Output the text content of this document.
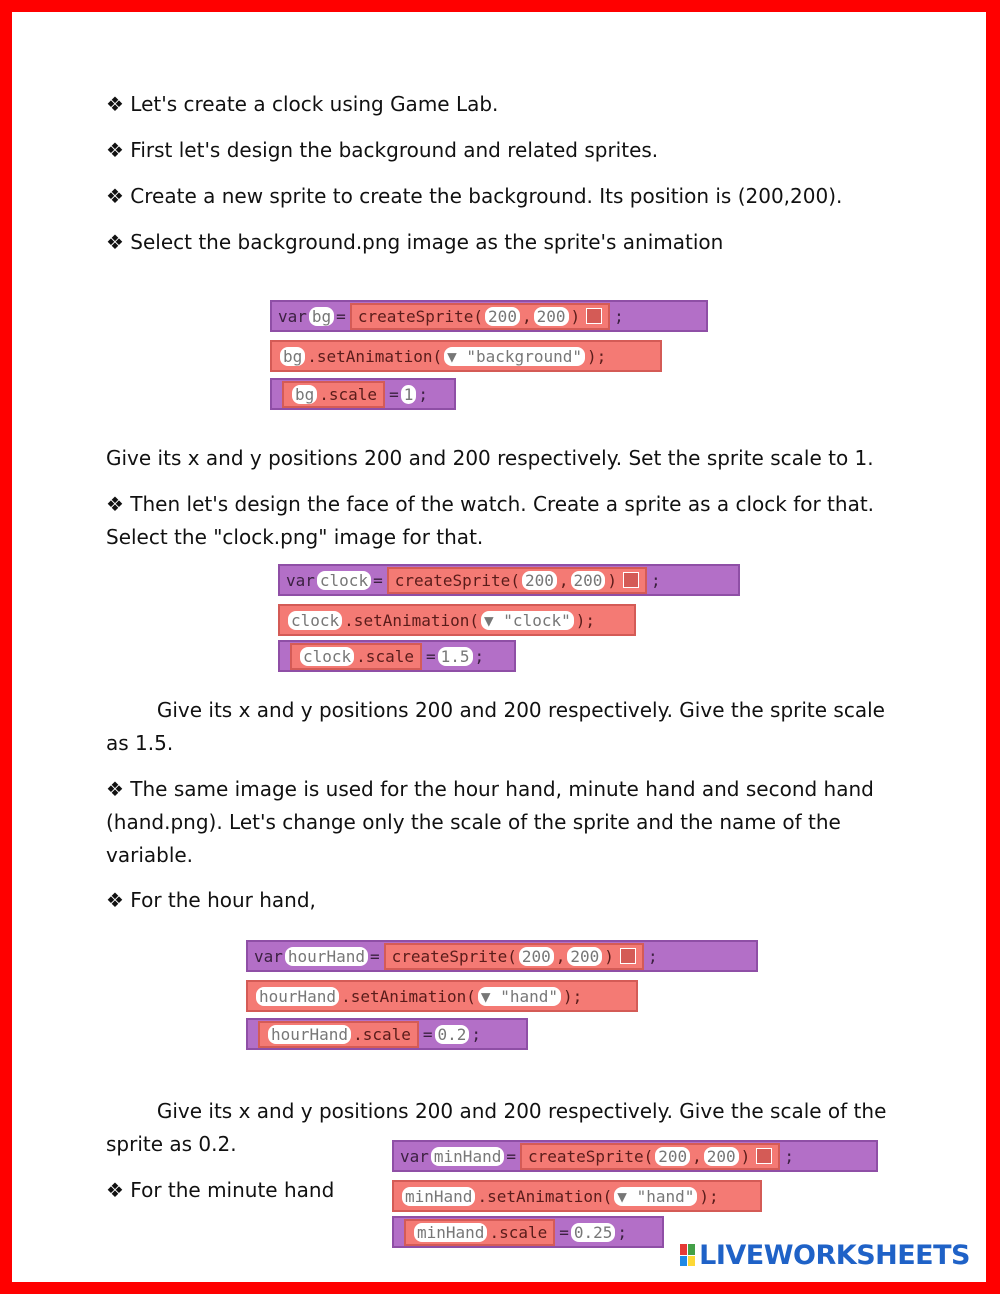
❖ Let's create a clock using Game Lab.

❖ First let's design the background and related sprites.

❖ Create a new sprite to create the background. Its position is (200,200).

❖ Select the background.png image as the sprite's animation

var bg = createSprite( 200 , 200 ) ;
bg .setAnimation( ▼ "background" );
bg .scale = 1 ;

Give its x and y positions 200 and 200 respectively. Set the sprite scale to 1.

❖ Then let's design the face of the watch. Create a sprite as a clock for that. Select the "clock.png" image for that.

var clock = createSprite( 200 , 200 ) ;
clock .setAnimation( ▼ "clock" );
clock .scale = 1.5 ;

Give its x and y positions 200 and 200 respectively. Give the sprite scale as 1.5.

❖ The same image is used for the hour hand, minute hand and second hand (hand.png). Let's change only the scale of the sprite and the name of the variable.

❖ For the hour hand,

var hourHand = createSprite( 200 , 200 ) ;
hourHand .setAnimation( ▼ "hand" );
hourHand .scale = 0.2 ;

Give its x and y positions 200 and 200 respectively. Give the scale of the sprite as 0.2.

❖ For the minute hand

var minHand = createSprite( 200 , 200 ) ;
minHand .setAnimation( ▼ "hand" );
minHand .scale = 0.25 ;
LIVEWORKSHEETS
